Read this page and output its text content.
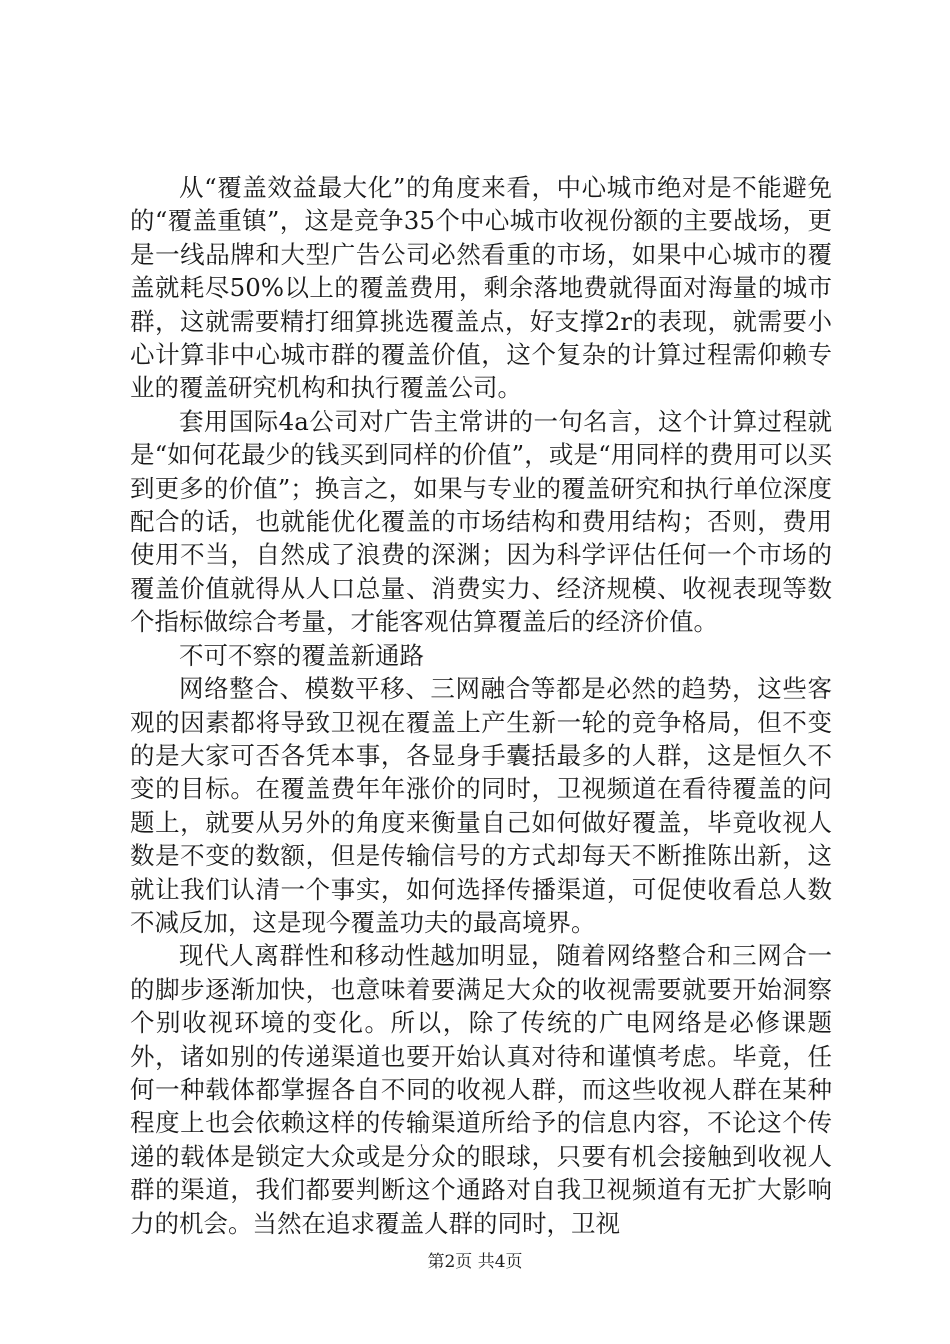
从“覆盖效益最大化”的角度来看，中心城市绝对是不能避免的“覆盖重镇”，这是竞争35个中心城市收视份额的主要战场，更是一线品牌和大型广告公司必然看重的市场，如果中心城市的覆盖就耗尽50%以上的覆盖费用，剩余落地费就得面对海量的城市群，这就需要精打细算挑选覆盖点，好支撑2r的表现，就需要小心计算非中心城市群的覆盖价值，这个复杂的计算过程需仰赖专业的覆盖研究机构和执行覆盖公司。

套用国际4a公司对广告主常讲的一句名言，这个计算过程就是“如何花最少的钱买到同样的价值”，或是“用同样的费用可以买到更多的价值”；换言之，如果与专业的覆盖研究和执行单位深度配合的话，也就能优化覆盖的市场结构和费用结构；否则，费用使用不当，自然成了浪费的深渊；因为科学评估任何一个市场的覆盖价值就得从人口总量、消费实力、经济规模、收视表现等数个指标做综合考量，才能客观估算覆盖后的经济价值。

不可不察的覆盖新通路

网络整合、模数平移、三网融合等都是必然的趋势，这些客观的因素都将导致卫视在覆盖上产生新一轮的竞争格局，但不变的是大家可否各凭本事，各显身手囊括最多的人群，这是恒久不变的目标。在覆盖费年年涨价的同时，卫视频道在看待覆盖的问题上，就要从另外的角度来衡量自己如何做好覆盖，毕竟收视人数是不变的数额，但是传输信号的方式却每天不断推陈出新，这就让我们认清一个事实，如何选择传播渠道，可促使收看总人数不减反加，这是现今覆盖功夫的最高境界。

现代人离群性和移动性越加明显，随着网络整合和三网合一的脚步逐渐加快，也意味着要满足大众的收视需要就要开始洞察个别收视环境的变化。所以，除了传统的广电网络是必修课题外，诸如别的传递渠道也要开始认真对待和谨慎考虑。毕竟，任何一种载体都掌握各自不同的收视人群，而这些收视人群在某种程度上也会依赖这样的传输渠道所给予的信息内容，不论这个传递的载体是锁定大众或是分众的眼球，只要有机会接触到收视人群的渠道，我们都要判断这个通路对自我卫视频道有无扩大影响力的机会。当然在追求覆盖人群的同时，卫视

第2页 共4页
